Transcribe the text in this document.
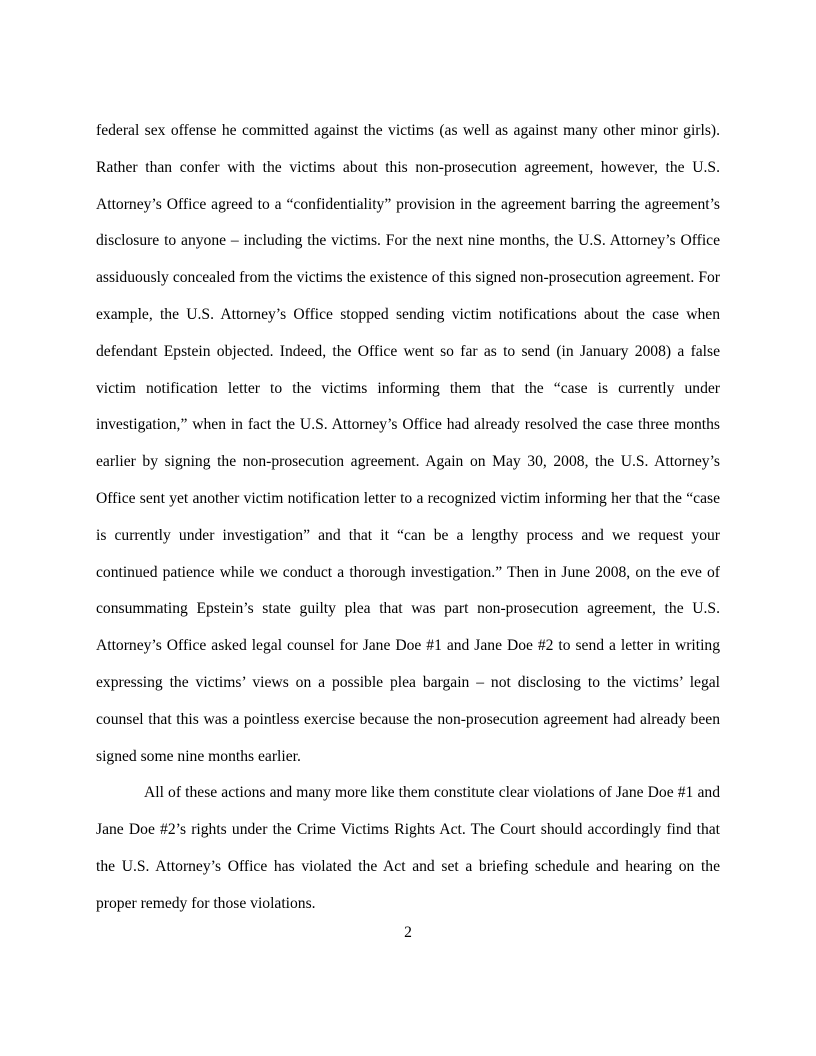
federal sex offense he committed against the victims (as well as against many other minor girls). Rather than confer with the victims about this non-prosecution agreement, however, the U.S. Attorney’s Office agreed to a “confidentiality” provision in the agreement barring the agreement’s disclosure to anyone – including the victims. For the next nine months, the U.S. Attorney’s Office assiduously concealed from the victims the existence of this signed non-prosecution agreement. For example, the U.S. Attorney’s Office stopped sending victim notifications about the case when defendant Epstein objected. Indeed, the Office went so far as to send (in January 2008) a false victim notification letter to the victims informing them that the “case is currently under investigation,” when in fact the U.S. Attorney’s Office had already resolved the case three months earlier by signing the non-prosecution agreement. Again on May 30, 2008, the U.S. Attorney’s Office sent yet another victim notification letter to a recognized victim informing her that the “case is currently under investigation” and that it “can be a lengthy process and we request your continued patience while we conduct a thorough investigation.” Then in June 2008, on the eve of consummating Epstein’s state guilty plea that was part non-prosecution agreement, the U.S. Attorney’s Office asked legal counsel for Jane Doe #1 and Jane Doe #2 to send a letter in writing expressing the victims’ views on a possible plea bargain – not disclosing to the victims’ legal counsel that this was a pointless exercise because the non-prosecution agreement had already been signed some nine months earlier.

All of these actions and many more like them constitute clear violations of Jane Doe #1 and Jane Doe #2’s rights under the Crime Victims Rights Act. The Court should accordingly find that the U.S. Attorney’s Office has violated the Act and set a briefing schedule and hearing on the proper remedy for those violations.

2
